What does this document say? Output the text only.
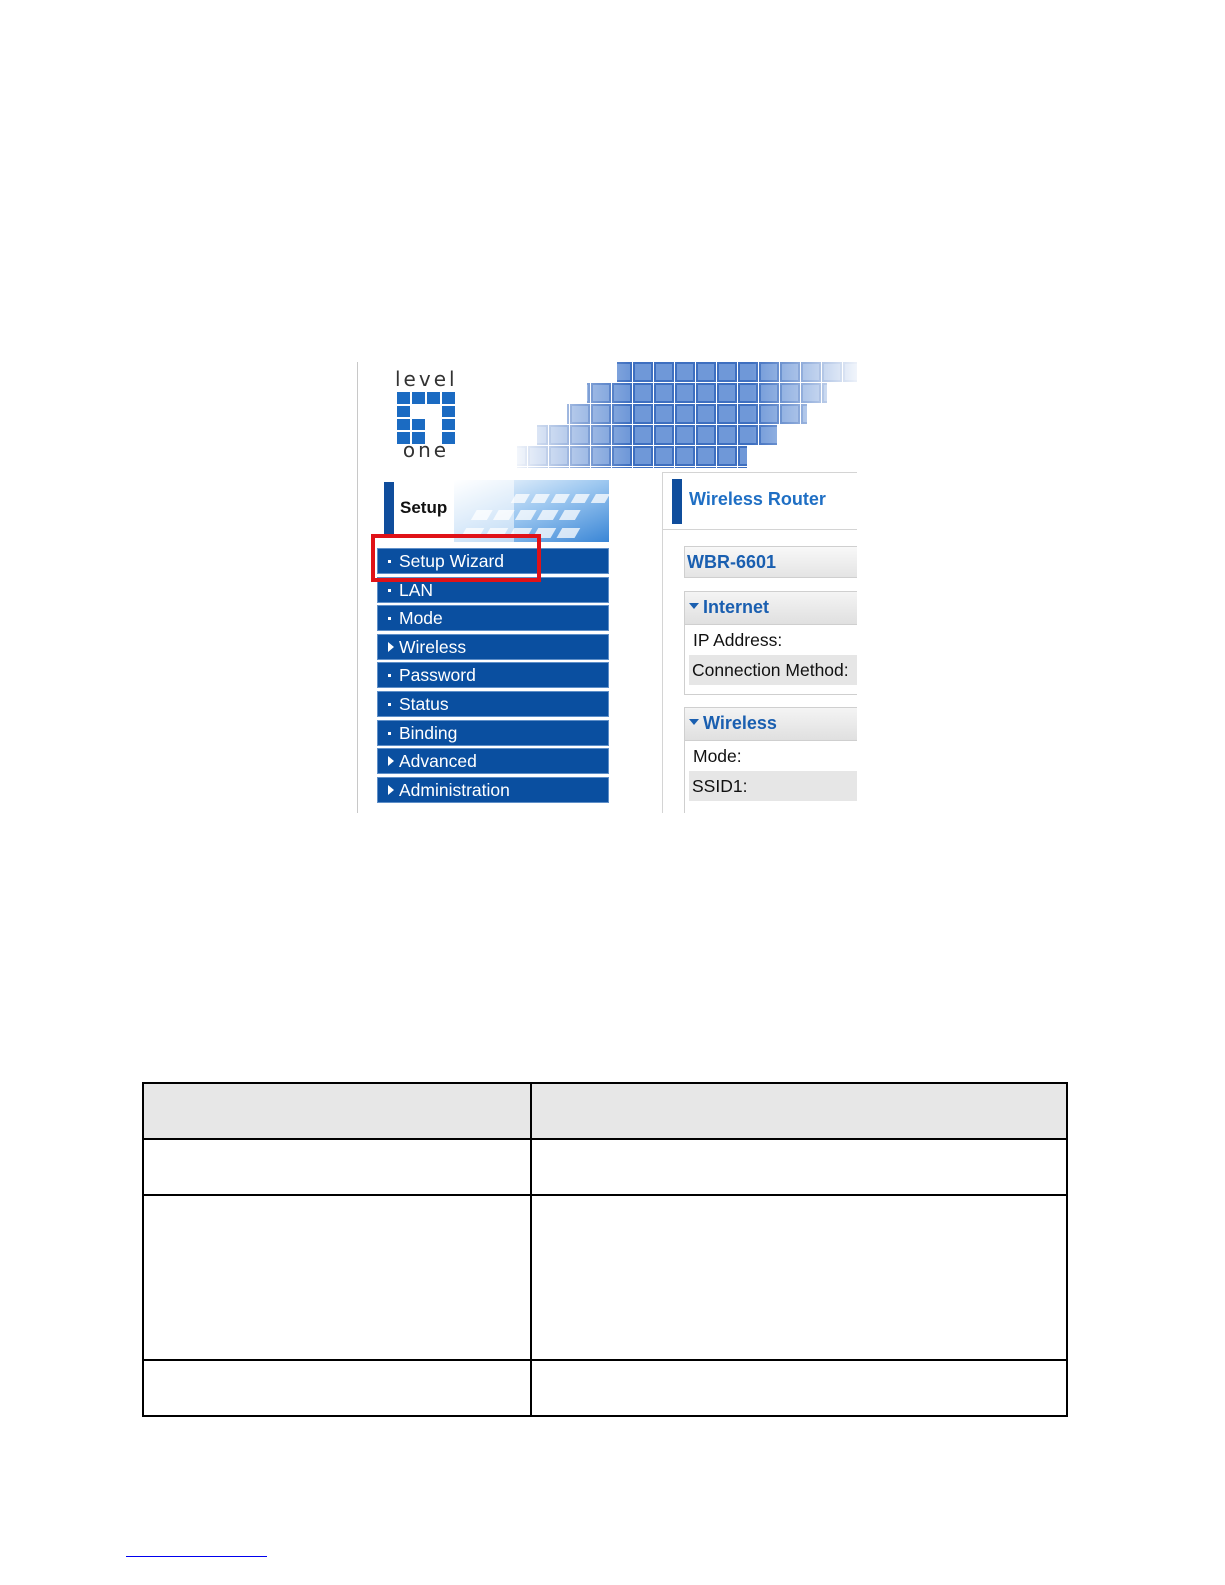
level
one
Setup
Setup Wizard
LAN
Mode
Wireless
Password
Status
Binding
Advanced
Administration
Wireless Router
WBR-6601
Internet
IP Address:
Connection Method:
Wireless
Mode:
SSID1:
